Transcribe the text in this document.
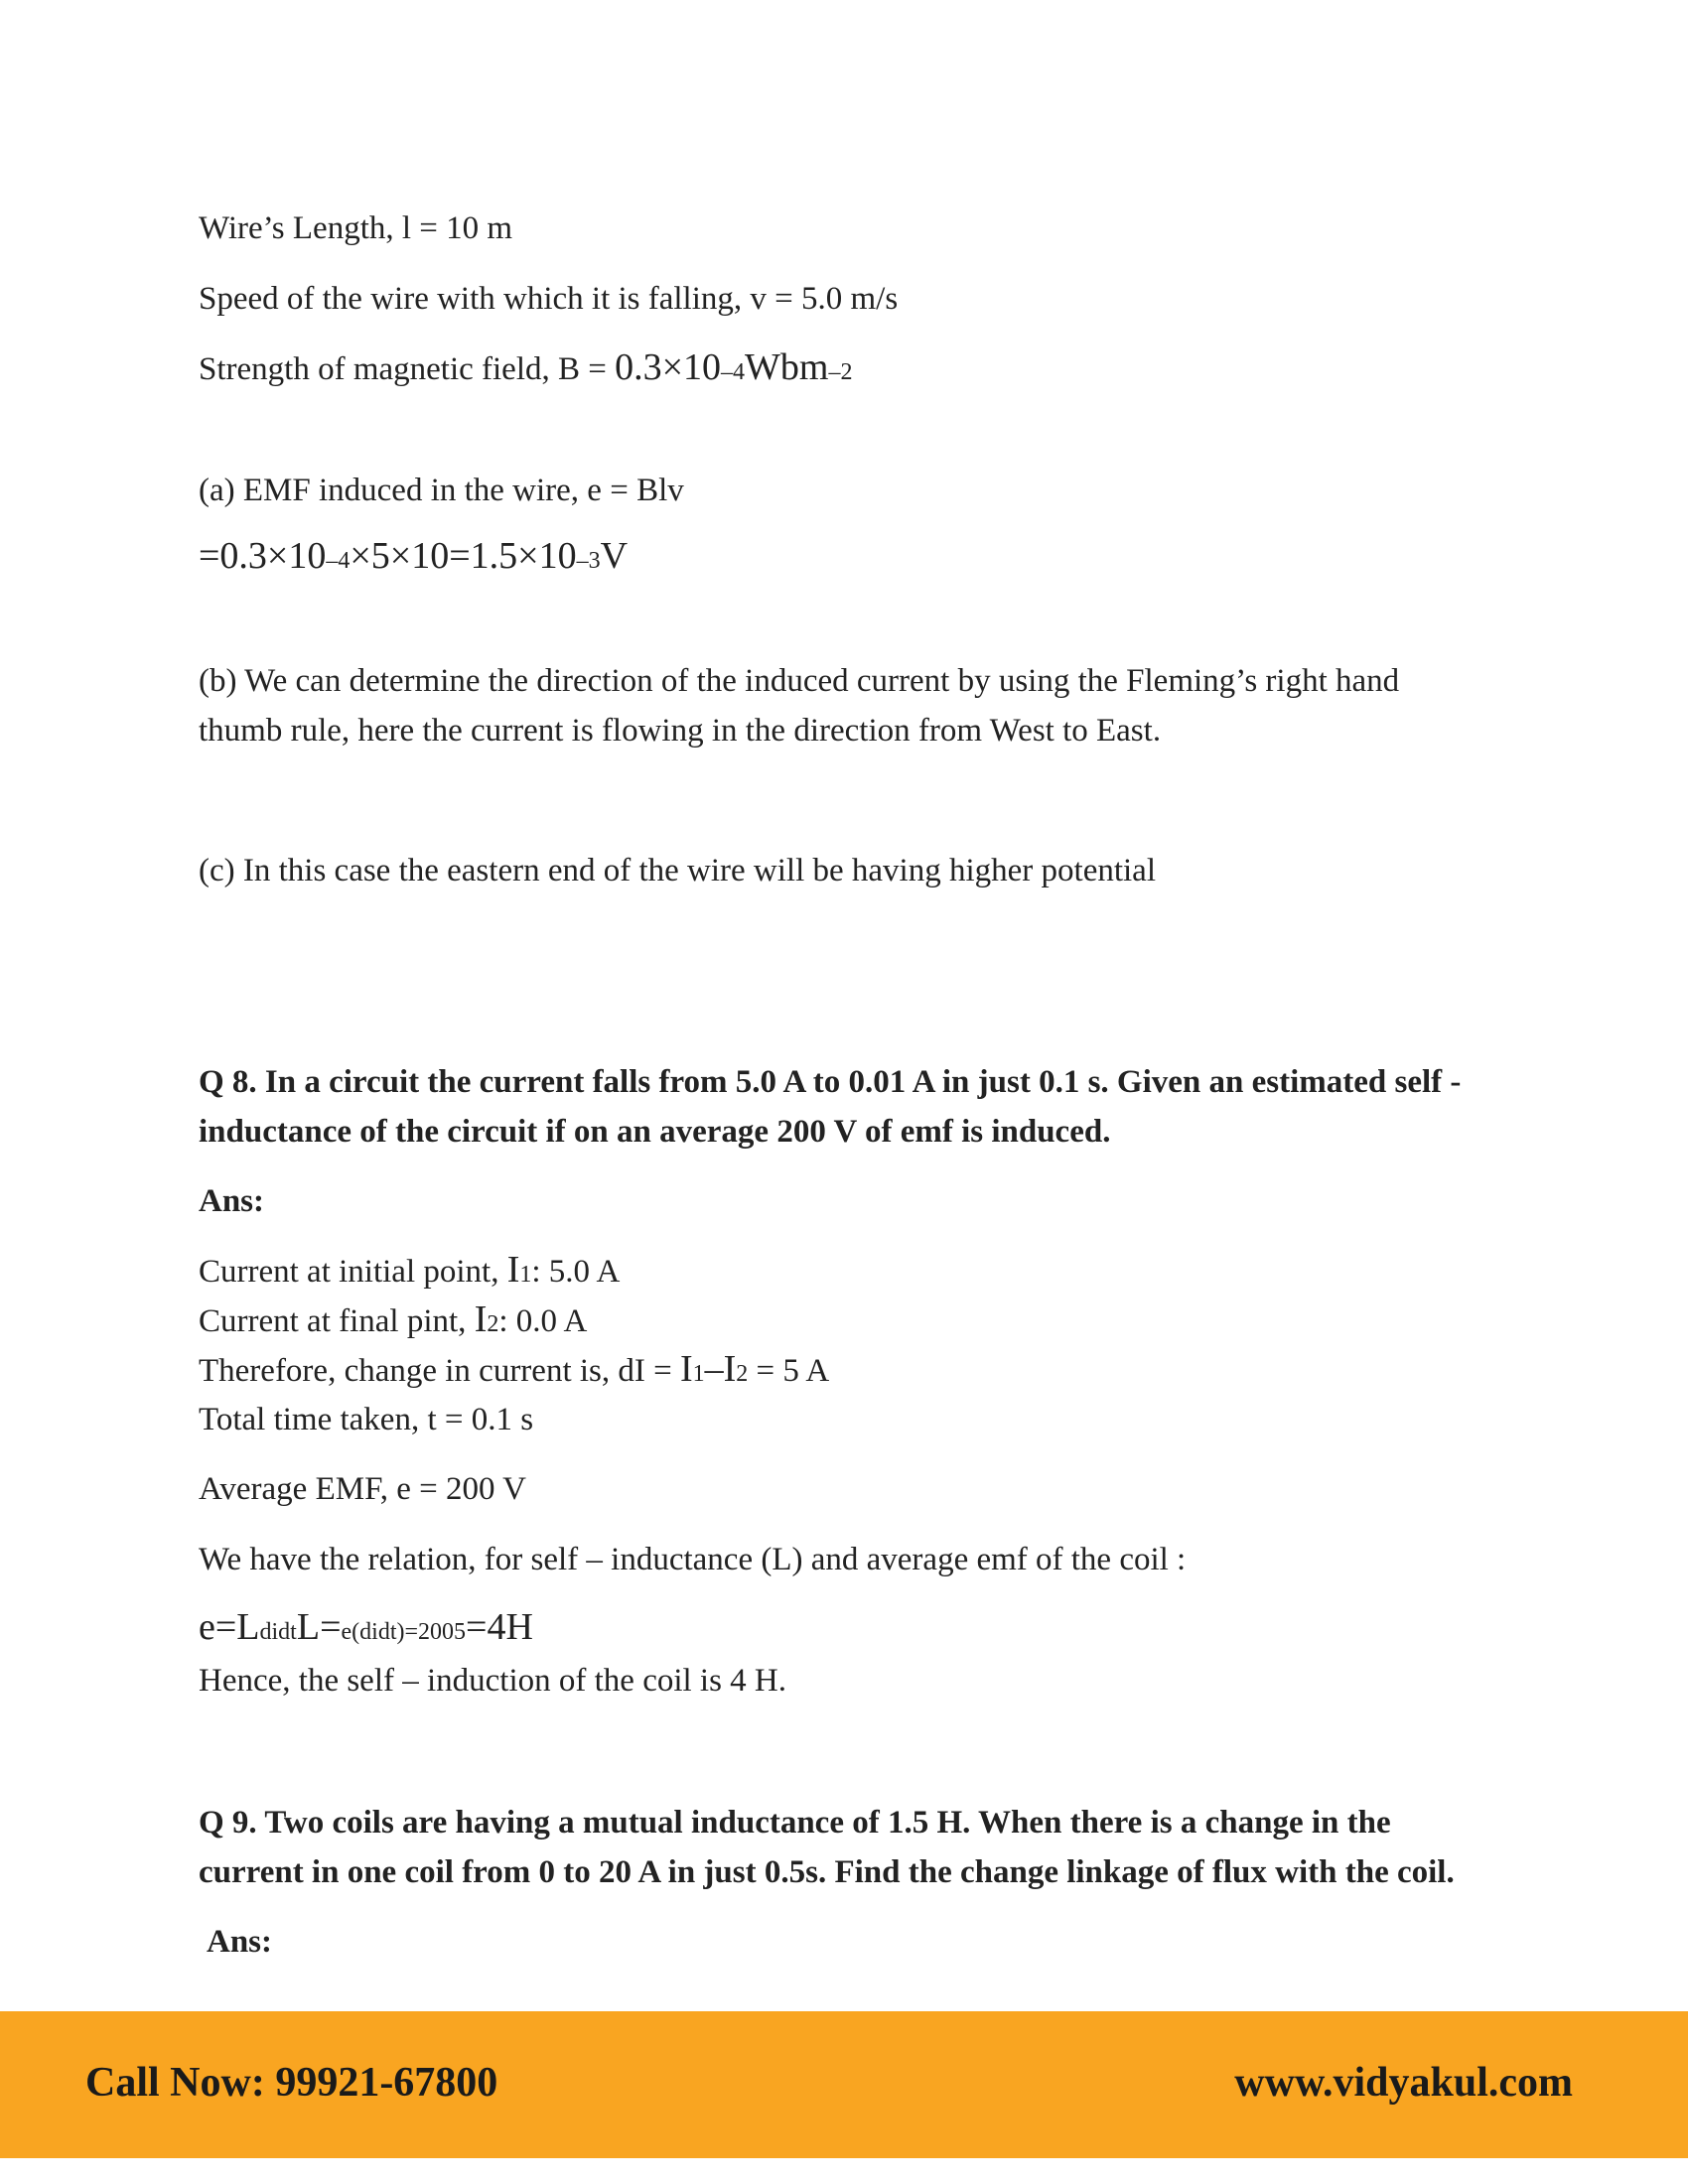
Wire’s Length, l = 10 m

Speed of the wire with which it is falling, v = 5.0 m/s

Strength of magnetic field, B = 0.3×10–4Wbm–2

(a) EMF induced in the wire, e = Blv

=0.3×10–4×5×10=1.5×10–3V

(b) We can determine the direction of the induced current by using the Fleming’s right hand

thumb rule, here the current is flowing in the direction from West to East.

(c) In this case the eastern end of the wire will be having higher potential

Q 8. In a circuit the current falls from 5.0 A to 0.01 A in just 0.1 s. Given an estimated self -

inductance of the circuit if on an average 200 V of emf is induced.

Ans:

Current at initial point, I1: 5.0 A

Current at final pint, I2: 0.0 A

Therefore, change in current is, dI = I1–I2 = 5 A

Total time taken, t = 0.1 s

Average EMF, e = 200 V

We have the relation, for self – inductance (L) and average emf of the coil :

e=LdidtL=e(didt)=2005=4H

Hence, the self – induction of the coil is 4 H.

Q 9. Two coils are having a mutual inductance of 1.5 H. When there is a change in the

current in one coil from 0 to 20 A in just 0.5s. Find the change linkage of flux with the coil.

Ans:

Call Now: 99921-67800	www.vidyakul.com
